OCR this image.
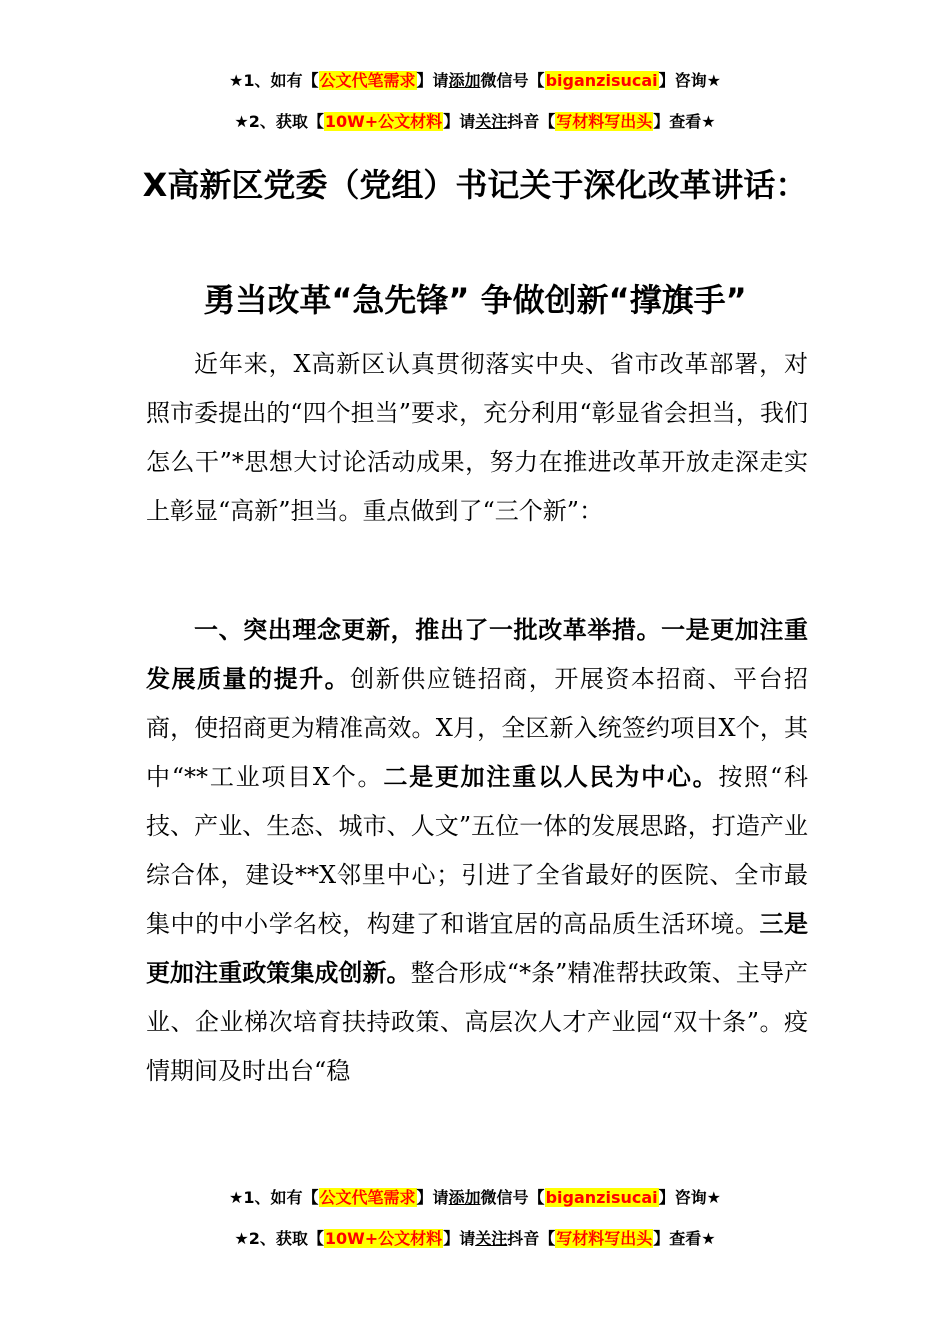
★1、如有【公文代笔需求】请添加微信号【biganzisucai】咨询★
★2、获取【10W+公文材料】请关注抖音【写材料写出头】查看★
X高新区党委（党组）书记关于深化改革讲话：
勇当改革“急先锋” 争做创新“撑旗手”

近年来，X高新区认真贯彻落实中央、省市改革部署，对照市委提出的“四个担当”要求，充分利用“彰显省会担当，我们怎么干”*思想大讨论活动成果，努力在推进改革开放走深走实上彰显“高新”担当。重点做到了“三个新”：

一、突出理念更新，推出了一批改革举措。一是更加注重发展质量的提升。创新供应链招商，开展资本招商、平台招商，使招商更为精准高效。X月，全区新入统签约项目X个，其中“**工业项目X个。二是更加注重以人民为中心。按照“科技、产业、生态、城市、人文”五位一体的发展思路，打造产业综合体，建设**X邻里中心；引进了全省最好的医院、全市最集中的中小学名校，构建了和谐宜居的高品质生活环境。三是更加注重政策集成创新。整合形成“*条”精准帮扶政策、主导产业、企业梯次培育扶持政策、高层次人才产业园“双十条”。疫情期间及时出台“稳

★1、如有【公文代笔需求】请添加微信号【biganzisucai】咨询★
★2、获取【10W+公文材料】请关注抖音【写材料写出头】查看★
